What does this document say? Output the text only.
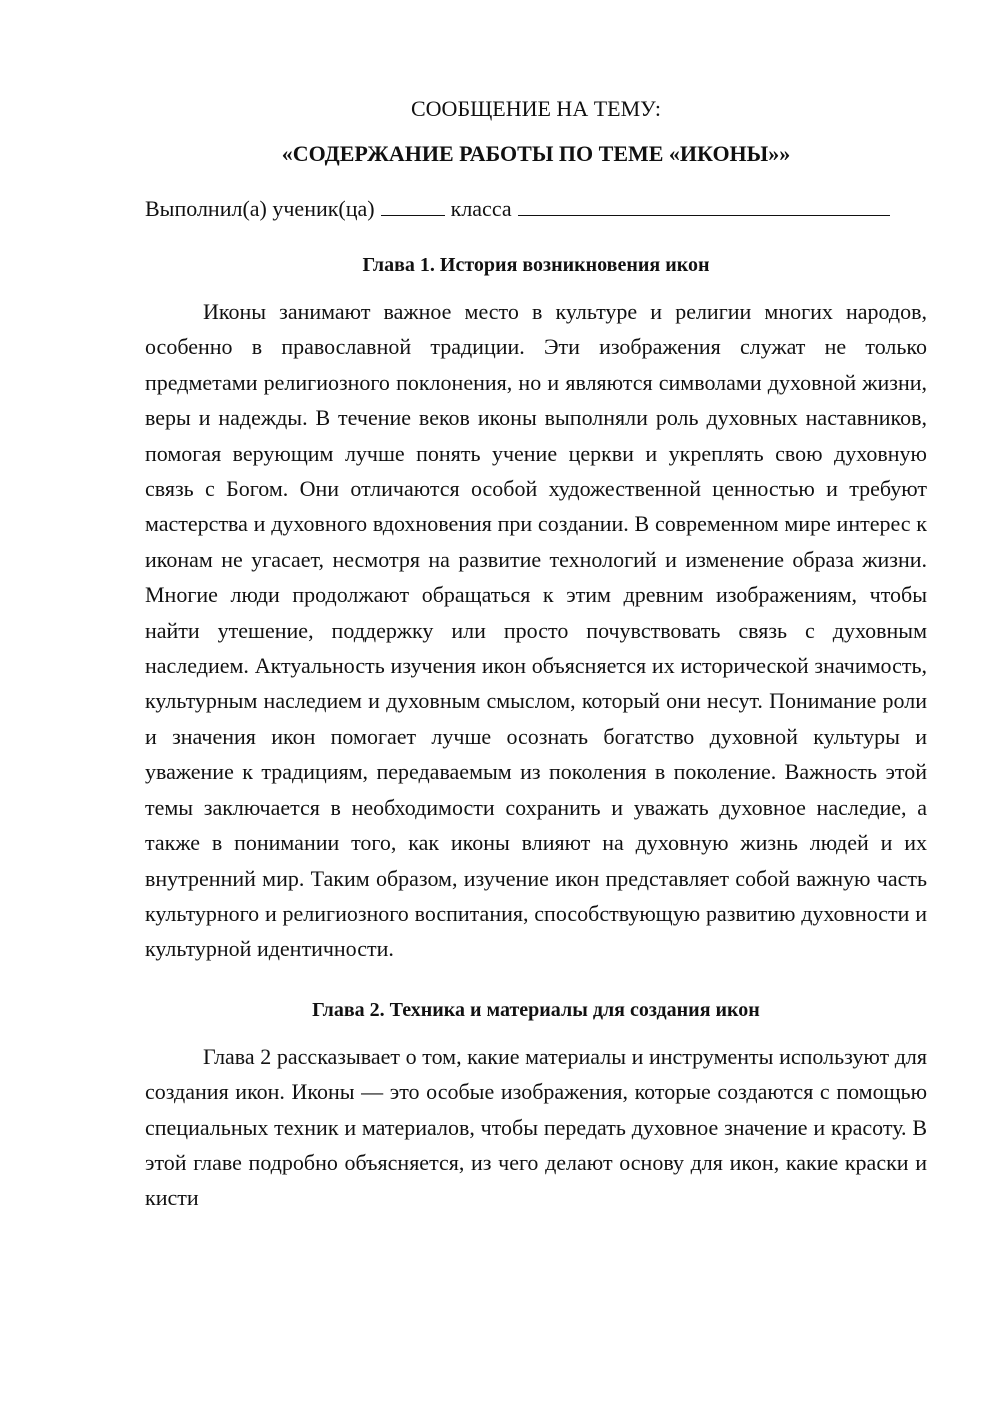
СООБЩЕНИЕ НА ТЕМУ:

«СОДЕРЖАНИЕ РАБОТЫ ПО ТЕМЕ «ИКОНЫ»»

Выполнил(а) ученик(ца)	класса

Глава 1. История возникновения икон

Иконы занимают важное место в культуре и религии многих народов, особенно в православной традиции. Эти изображения служат не только предметами религиозного поклонения, но и являются символами духовной жизни, веры и надежды. В течение веков иконы выполняли роль духовных наставников, помогая верующим лучше понять учение церкви и укреплять свою духовную связь с Богом. Они отличаются особой художественной ценностью и требуют мастерства и духовного вдохновения при создании. В современном мире интерес к иконам не угасает, несмотря на развитие технологий и изменение образа жизни. Многие люди продолжают обращаться к этим древним изображениям, чтобы найти утешение, поддержку или просто почувствовать связь с духовным наследием. Актуальность изучения икон объясняется их исторической значимость, культурным наследием и духовным смыслом, который они несут. Понимание роли и значения икон помогает лучше осознать богатство духовной культуры и уважение к традициям, передаваемым из поколения в поколение. Важность этой темы заключается в необходимости сохранить и уважать духовное наследие, а также в понимании того, как иконы влияют на духовную жизнь людей и их внутренний мир. Таким образом, изучение икон представляет собой важную часть культурного и религиозного воспитания, способствующую развитию духовности и культурной идентичности.

Глава 2. Техника и материалы для создания икон

Глава 2 рассказывает о том, какие материалы и инструменты используют для создания икон. Иконы — это особые изображения, которые создаются с помощью специальных техник и материалов, чтобы передать духовное значение и красоту. В этой главе подробно объясняется, из чего делают основу для икон, какие краски и кисти
